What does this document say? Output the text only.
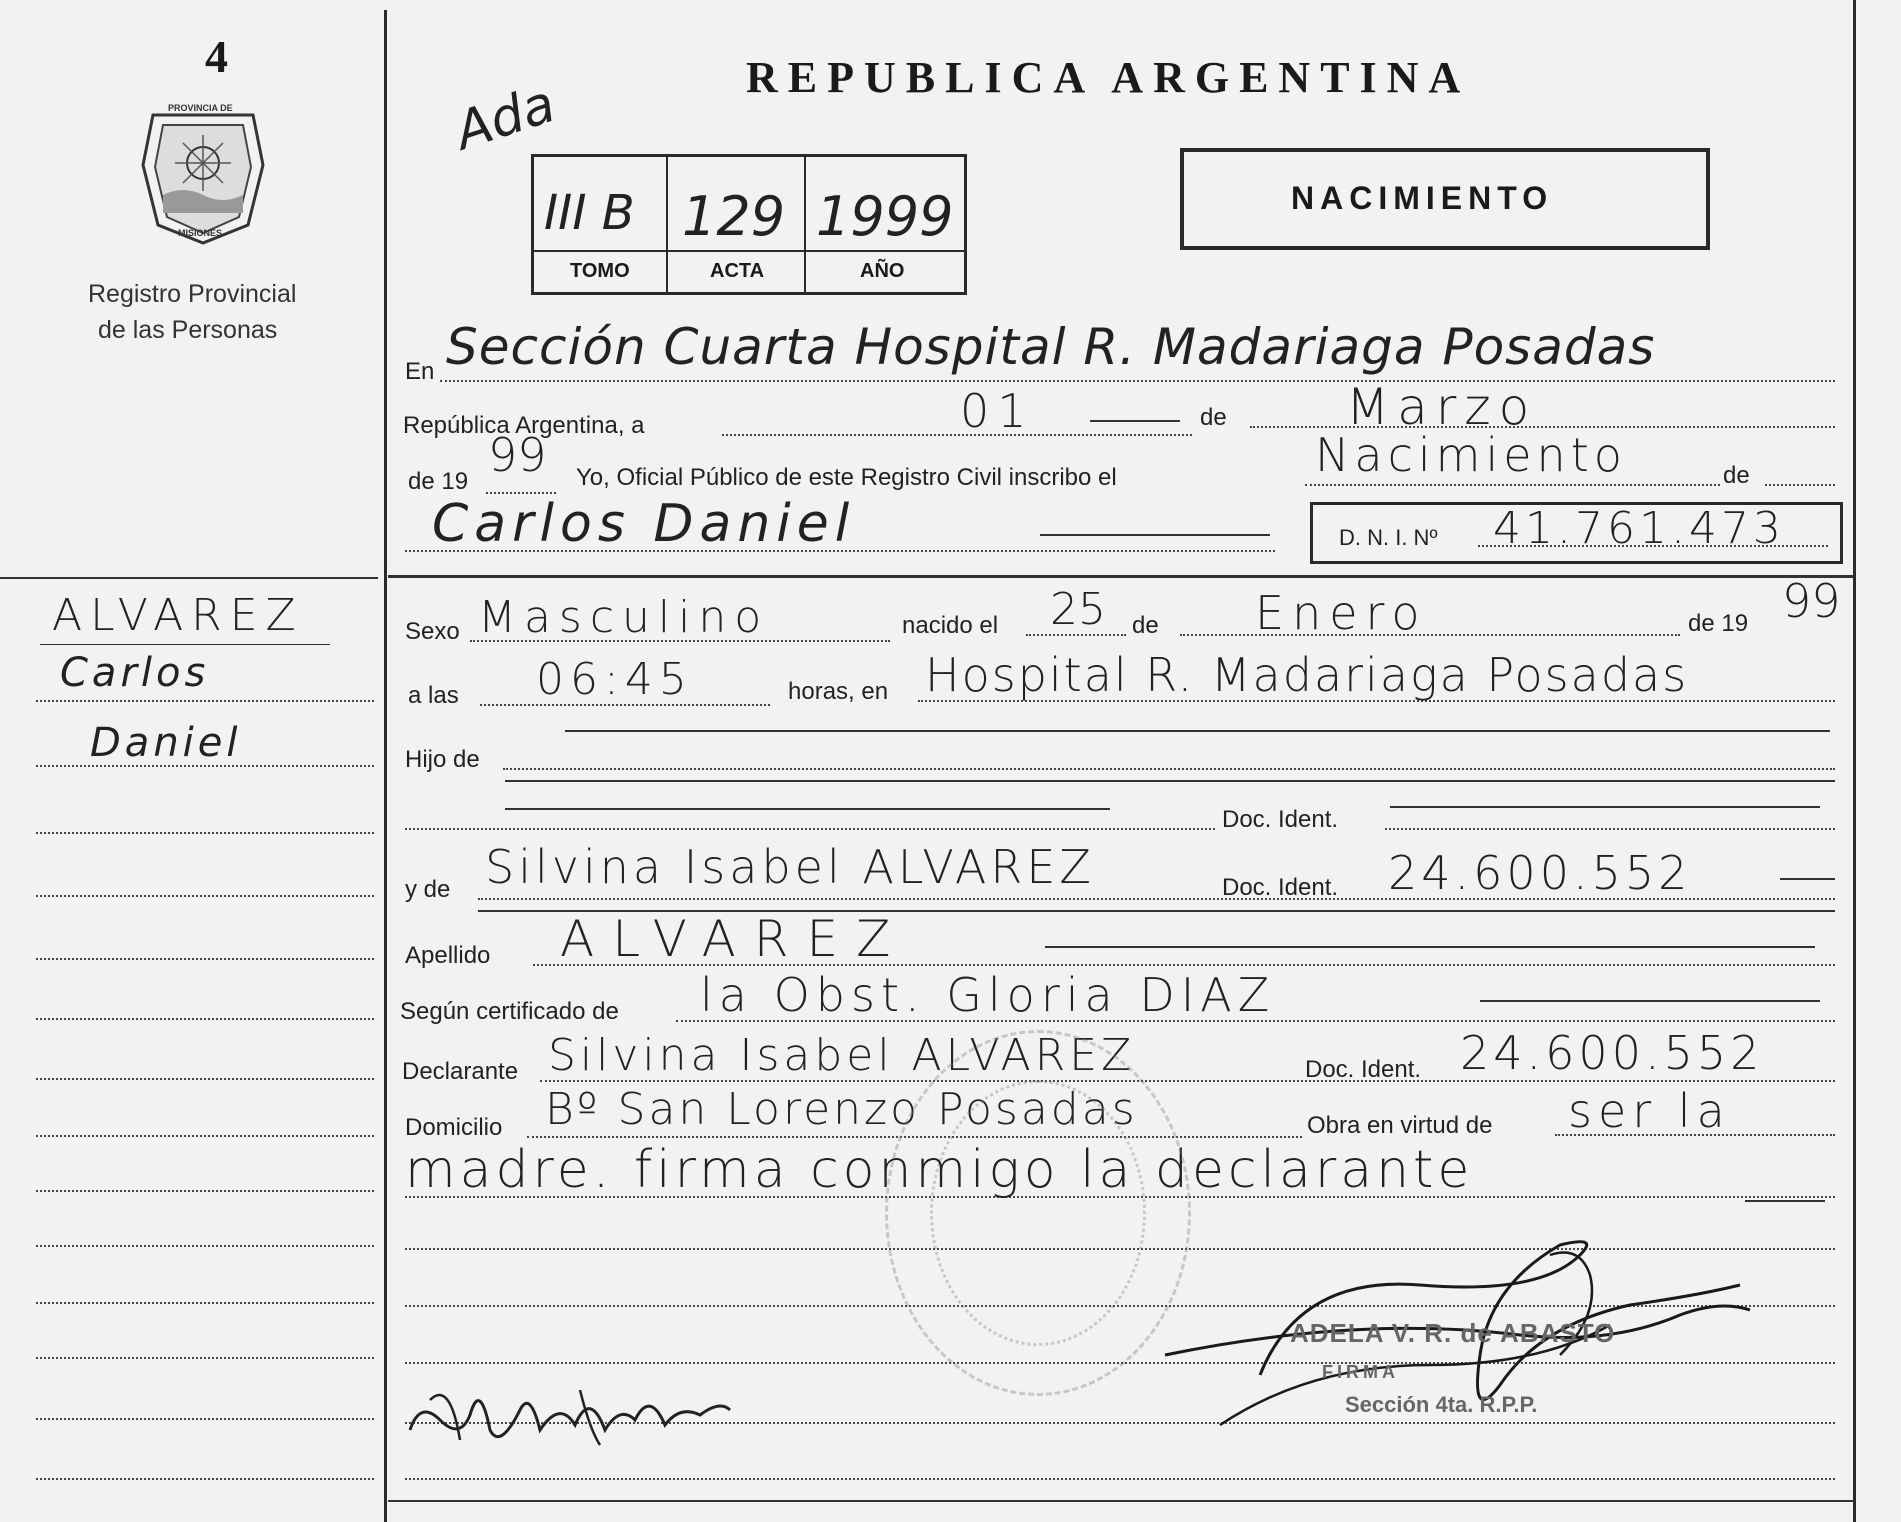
4
PROVINCIA DE
MISIONES
Registro Provincial
de las Personas
ALVAREZ
Carlos
Daniel
REPUBLICA ARGENTINA
Ada
III B 129 1999
TOMO	ACTA	AÑO
NACIMIENTO
En Sección Cuarta Hospital R. Madariaga Posadas
República Argentina, a	01	de Marzo
de 19 99 Yo, Oficial Público de este Registro Civil inscribo el	Nacimiento	de
Carlos Daniel	D. N. I. Nº 41.761.473
Sexo Masculino	nacido el 25 de Enero	de 19 99
a las 06:45	horas, en Hospital R. Madariaga Posadas
Hijo de
Doc. Ident.
y de Silvina Isabel ALVAREZ	Doc. Ident. 24.600.552
Apellido ALVAREZ
Según certificado de la Obst. Gloria DIAZ
Declarante Silvina Isabel ALVAREZ	Doc. Ident. 24.600.552
Domicilio Bº San Lorenzo Posadas	Obra en virtud de ser la
madre. firma conmigo la declarante
ADELA V. R. de ABASTO
FIRMA
Sección 4ta. R.P.P.
